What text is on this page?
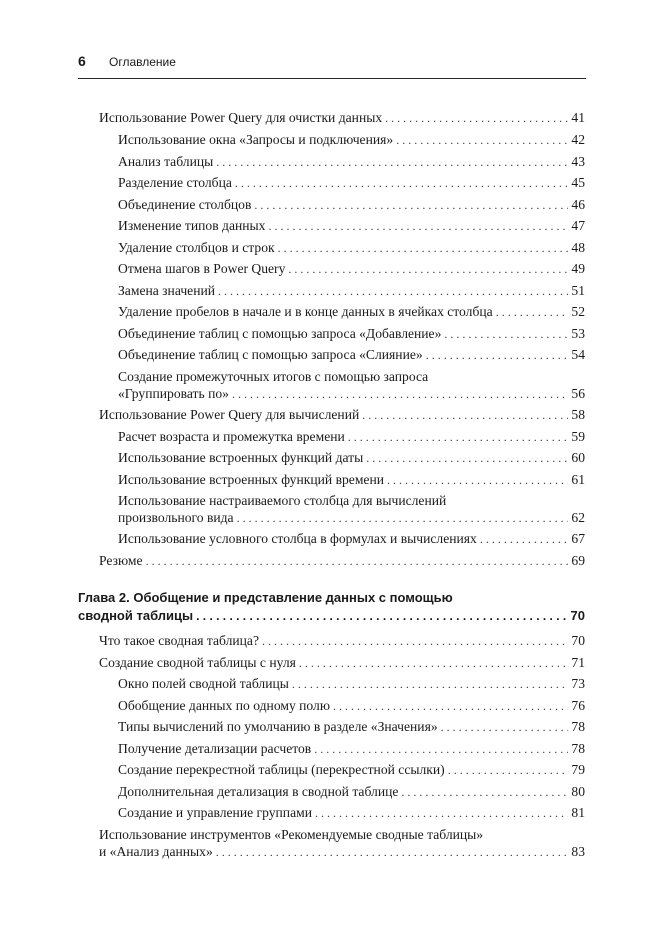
6 Оглавление
Использование Power Query для очистки данных . . .	41
Использование окна «Запросы и подключения» . . .	42
Анализ таблицы . . .	43
Разделение столбца . . .	45
Объединение столбцов . . .	46
Изменение типов данных . . .	47
Удаление столбцов и строк . . .	48
Отмена шагов в Power Query . . .	49
Замена значений . . .	51
Удаление пробелов в начале и в конце данных в ячейках столбца . . .	52
Объединение таблиц с помощью запроса «Добавление» . . .	53
Объединение таблиц с помощью запроса «Слияние» . . .	54
Создание промежуточных итогов с помощью запроса
«Группировать по» . . .	56
Использование Power Query для вычислений . . .	58
Расчет возраста и промежутка времени . . .	59
Использование встроенных функций даты . . .	60
Использование встроенных функций времени . . .	61
Использование настраиваемого столбца для вычислений
произвольного вида . . .	62
Использование условного столбца в формулах и вычислениях . . .	67
Резюме . . .	69
Глава 2. Обобщение и представление данных с помощью
сводной таблицы . . .	70
Что такое сводная таблица? . . .	70
Создание сводной таблицы с нуля . . .	71
Окно полей сводной таблицы . . .	73
Обобщение данных по одному полю . . .	76
Типы вычислений по умолчанию в разделе «Значения» . . .	78
Получение детализации расчетов . . .	78
Создание перекрестной таблицы (перекрестной ссылки) . . .	79
Дополнительная детализация в сводной таблице . . .	80
Создание и управление группами . . .	81
Использование инструментов «Рекомендуемые сводные таблицы»
и «Анализ данных» . . .	83
